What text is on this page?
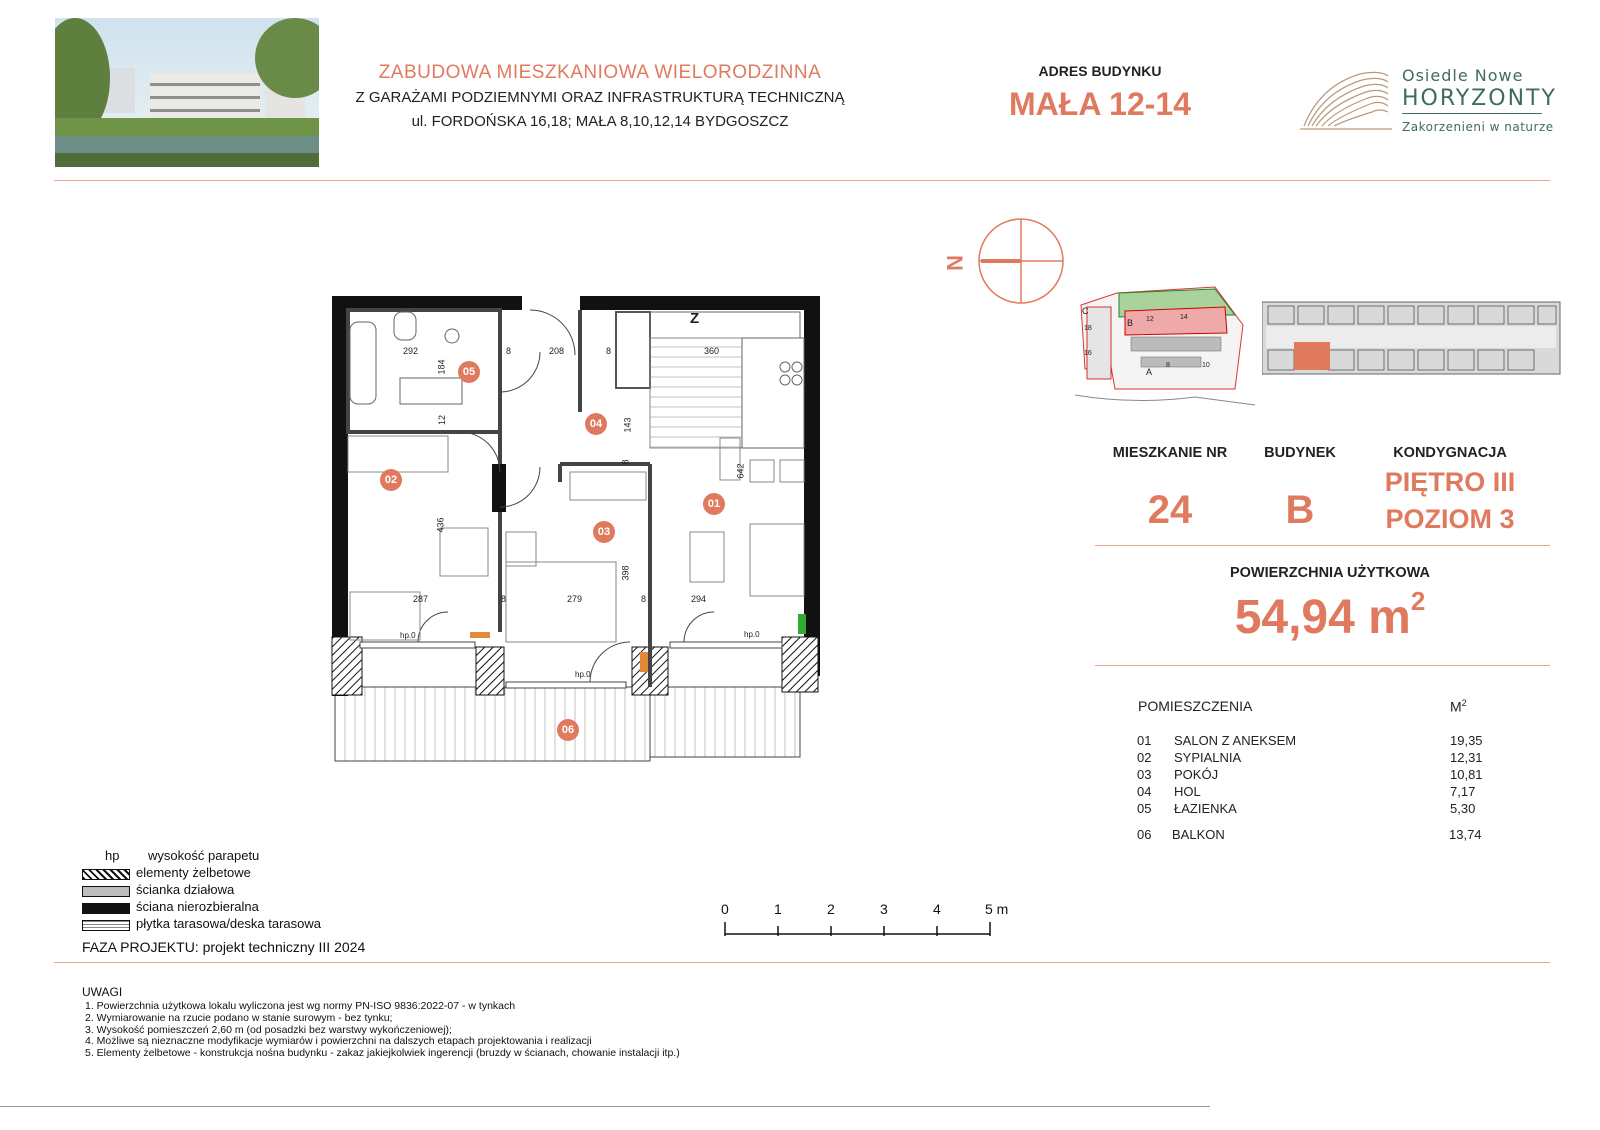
ZABUDOWA MIESZKANIOWA WIELORODZINNA
Z GARAŻAMI PODZIEMNYMI ORAZ INFRASTRUKTURĄ TECHNICZNĄ
ul. FORDOŃSKA 16,18; MAŁA 8,10,12,14 BYDGOSZCZ
ADRES BUDYNKU
MAŁA 12-14
Osiedle Nowe
HORYZONTY
Zakorzenieni w naturze
N
C
B
A
18
16
12	14
8	10
MIESZKANIE NR	BUDYNEK	KONDYGNACJA
24	B
PIĘTRO III
POZIOM 3
POWIERZCHNIA UŻYTKOWA
54,94 $m^2$
POMIESZCZENIA	$M^2$
01 SALON Z ANEKSEM	19,35
02 SYPIALNIA	12,31
03 POKÓJ	10,81
04 HOL	7,17
05 ŁAZIENKA	5,30
06 BALKON	13,74
292	8	208	8	360
184
12	143
8
642
436
398
287	8	279	8	294
hp.0
hp.0
hp.0
Z
01
02
03
04
05
06
hp wysokość parapetu
elementy żelbetowe
ścianka działowa
ściana nierozbieralna
płytka tarasowa/deska tarasowa
FAZA PROJEKTU: projekt techniczny III 2024
0	1	2	3	4	5 m
UWAGI
1. Powierzchnia użytkowa lokalu wyliczona jest wg normy PN-ISO 9836:2022-07 - w tynkach
2. Wymiarowanie na rzucie podano w stanie surowym - bez tynku;
3. Wysokość pomieszczeń 2,60 m (od posadzki bez warstwy wykończeniowej);
4. Możliwe są nieznaczne modyfikacje wymiarów i powierzchni na dalszych etapach projektowania i realizacji
5. Elementy żelbetowe - konstrukcja nośna budynku - zakaz jakiejkolwiek ingerencji (bruzdy w ścianach, chowanie instalacji itp.)
